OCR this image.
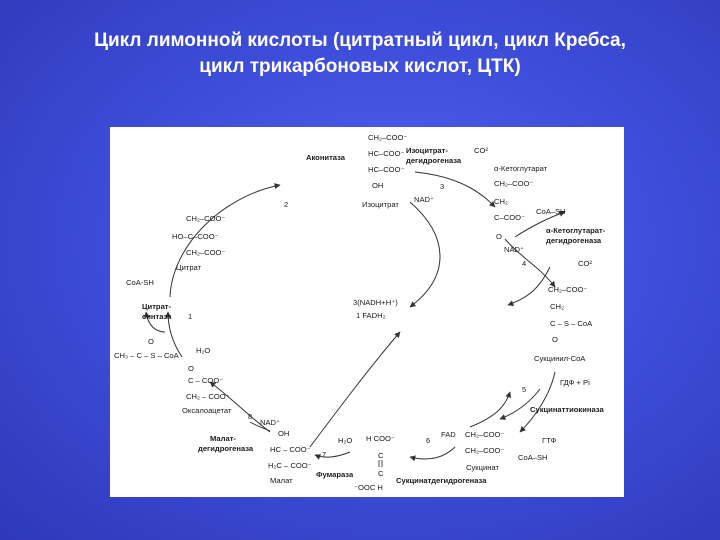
Цикл лимонной кислоты (цитратный цикл, цикл Кребса,
цикл трикарбоновых кислот, ЦТК)
CH₂–COO⁻
HC–COO⁻
HC–COO⁻
OH
Изоцитрат
Аконитаза
Изоцитрат-
дегидрогеназа
CO²
NAD⁺
3
α-Кетоглутарат
CH₂–COO⁻
CH₂
C–COO⁻
O
CoA–SH
α-Кетоглутарат-
дегидрогеназа
NAD⁺
CO²
4
CH₂–COO⁻
CH₂
C – S – CoA
O
Сукцинил-CoA
ГДФ + Pi
5
Сукцинаттиокиназа
ГТФ
CoA–SH
FAD CH₂–COO⁻
CH₂–COO⁻
Сукцинат
Сукцинатдегидрогеназа
6
H₂O H COO⁻
C
C
⁻OOC H
Фумараза
7
OH
HC – COO⁻
H₂C – COO⁻
Малат
Малат-
дегидрогеназа
NAD⁺
8
O
C – COO⁻
CH₂ – COO⁻
Оксалоацетат
H₂O
O
CH₃ – C – S – CoA
Цитрат-
синтаза 1
CoA-SH
CH₂–COO⁻
HO–C–COO⁻
CH₂–COO⁻
Цитрат
2
3(NADH+H⁺)
1 FADH₂
